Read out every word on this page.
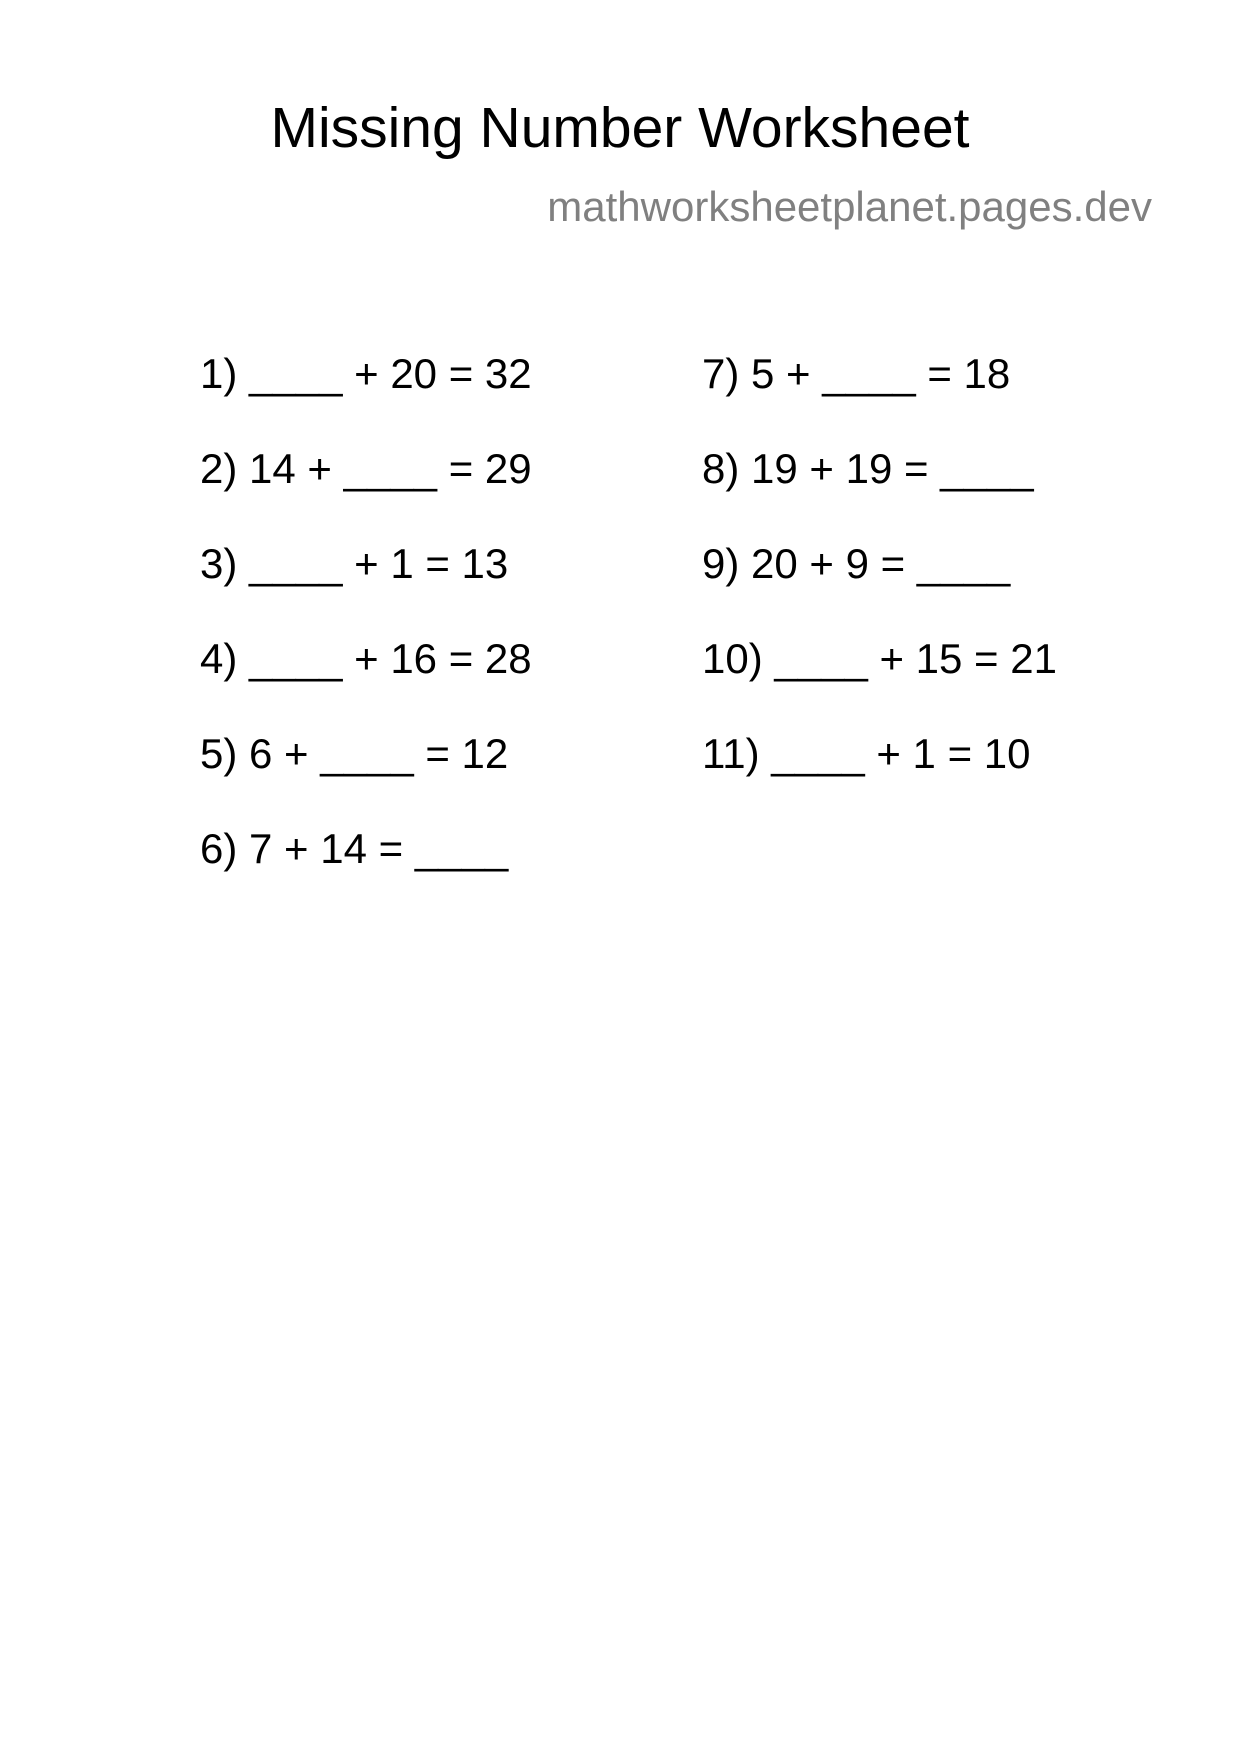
Missing Number Worksheet
mathworksheetplanet.pages.dev
1) ____ + 20 = 32
2) 14 + ____ = 29
3) ____ + 1 = 13
4) ____ + 16 = 28
5) 6 + ____ = 12
6) 7 + 14 = ____
7) 5 + ____ = 18
8) 19 + 19 = ____
9) 20 + 9 = ____
10) ____ + 15 = 21
11) ____ + 1 = 10
